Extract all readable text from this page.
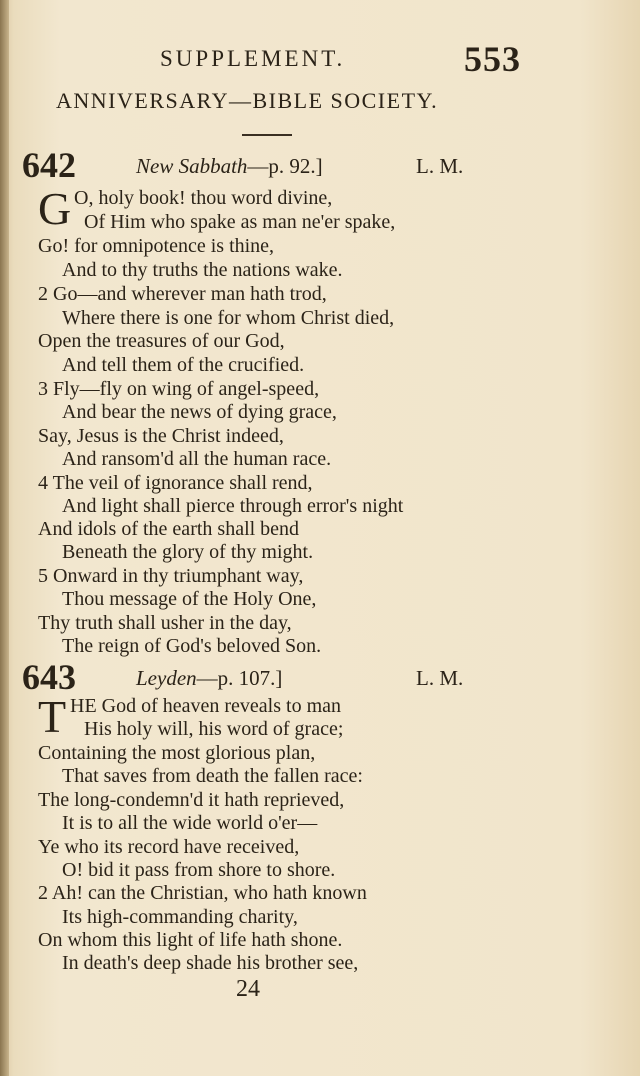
SUPPLEMENT.	553
ANNIVERSARY—BIBLE SOCIETY.
642	New Sabbath—p. 92.]	L. M.
G O, holy book! thou word divine,
Of Him who spake as man ne'er spake,
Go! for omnipotence is thine,
And to thy truths the nations wake.
2 Go—and wherever man hath trod,
Where there is one for whom Christ died,
Open the treasures of our God,
And tell them of the crucified.
3 Fly—fly on wing of angel-speed,
And bear the news of dying grace,
Say, Jesus is the Christ indeed,
And ransom'd all the human race.
4 The veil of ignorance shall rend,
And light shall pierce through error's night
And idols of the earth shall bend
Beneath the glory of thy might.
5 Onward in thy triumphant way,
Thou message of the Holy One,
Thy truth shall usher in the day,
The reign of God's beloved Son.
643	Leyden—p. 107.]	L. M.
T HE God of heaven reveals to man
His holy will, his word of grace;
Containing the most glorious plan,
That saves from death the fallen race:
The long-condemn'd it hath reprieved,
It is to all the wide world o'er—
Ye who its record have received,
O! bid it pass from shore to shore.
2 Ah! can the Christian, who hath known
Its high-commanding charity,
On whom this light of life hath shone.
In death's deep shade his brother see,
24
